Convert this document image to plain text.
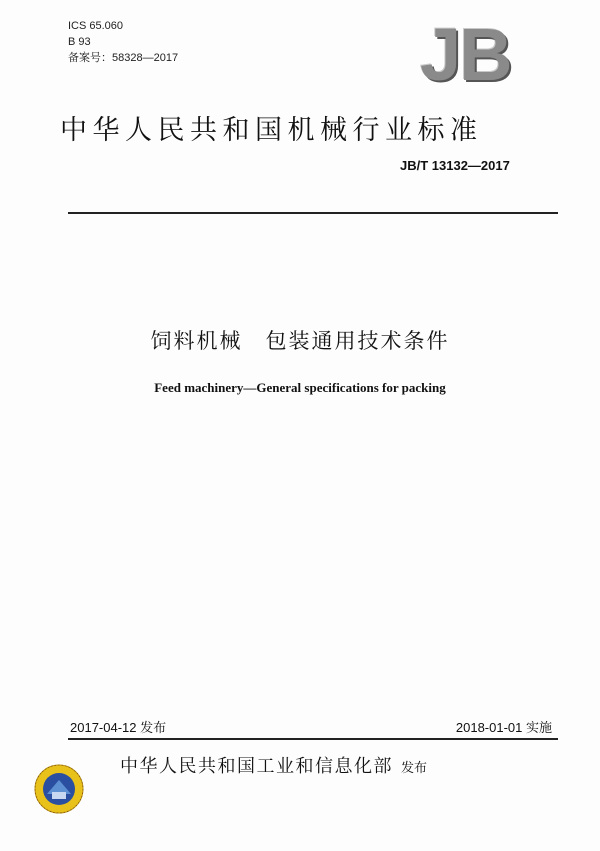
ICS 65.060
B 93
备案号：58328—2017	JB
中华人民共和国机械行业标准
JB/T 13132—2017
饲料机械　包装通用技术条件
Feed machinery—General specifications for packing
2017-04-12 发布	2018-01-01 实施
中华人民共和国工业和信息化部 发布
